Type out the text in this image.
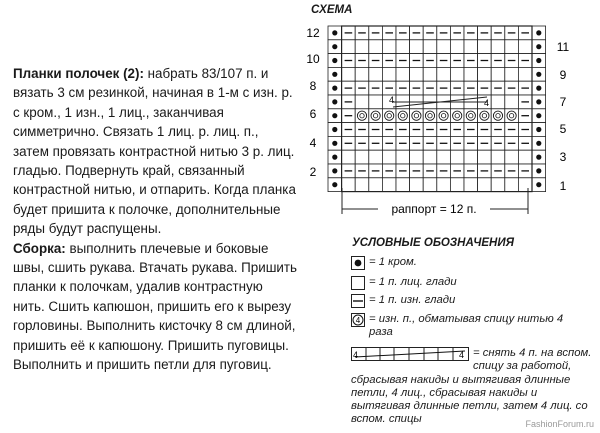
Планки полочек (2): набрать 83/107 п. и вязать 3 см резинкой, начиная в 1-м с изн. р. с кром., 1 изн., 1 лиц., заканчивая симметрично. Связать 1 лиц. р. лиц. п., затем провязать контрастной нитью 3 р. лиц. гладью. Подвернуть край, связанный контрастной нитью, и отпарить. Когда планка будет пришита к полочке, дополнительные ряды будут распущены.

Сборка: выполнить плечевые и боковые швы, сшить рукава. Втачать рукава. Пришить планки к полочкам, удалив контрастную нить. Сшить капюшон, пришить его к вырезу горловины. Выполнить кисточку 8 см длиной, пришить её к капюшону. Пришить пуговицы. Выполнить и пришить петли для пуговиц.

СХЕМА
4	4
12
10
8
6
4
2
11
9
7
5
3
1
раппорт = 12 п.
УСЛОВНЫЕ ОБОЗНАЧЕНИЯ
= 1 кром.
= 1 п. лиц. глади
= 1 п. изн. глади
4 = изн. п., обматывая спицу нитью 4 раза
4	4 = снять 4 п. на вспом. спицу за работой, сбрасывая накиды и вытягивая длинные петли, 4 лиц., сбрасывая накиды и вытягивая длинные петли, затем 4 лиц. со вспом. спицы	FashionForum.ru
